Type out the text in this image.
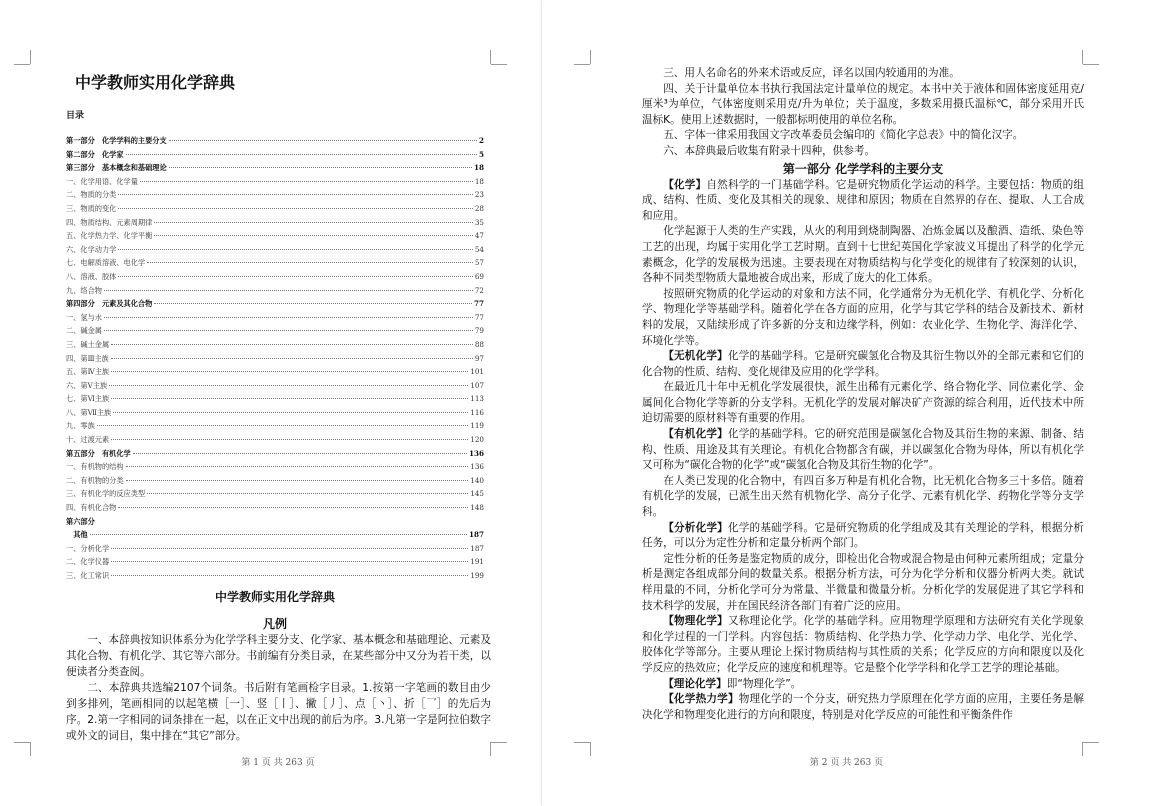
中学教师实用化学辞典
目录
第一部分　化学学科的主要分支	2
第二部分　化学家	5
第三部分　基本概念和基础理论	18
一、化学用语、化学量	18
二、物质的分类	23
三、物质的变化	28
四、物质结构、元素周期律	35
五、化学热力学、化学平衡	47
六、化学动力学	54
七、电解质溶液、电化学	57
八、溶液、胶体	69
九、络合物	72
第四部分　元素及其化合物	77
一、氢与水	77
二、碱金属	79
三、碱土金属	88
四、第Ⅲ主族	97
五、第Ⅳ主族	101
六、第Ⅴ主族	107
七、第Ⅵ主族	113
八、第Ⅶ主族	116
九、零族	119
十、过渡元素	120
第五部分　有机化学	136
一、有机物的结构	136
二、有机物的分类	140
三、有机化学的反应类型	145
四、有机化合物	148
第六部分
　其他	187
一、分析化学	187
二、化学仪器	191
三、化工常识	199
中学教师实用化学辞典
凡例

一、本辞典按知识体系分为化学学科主要分支、化学家、基本概念和基础理论、元素及其化合物、有机化学、其它等六部分。书前编有分类目录，在某些部分中又分为若干类，以便读者分类查阅。

二、本辞典共选编2107个词条。书后附有笔画检字目录。1.按第一字笔画的数目由少到多排列，笔画相同的以起笔横［一］、竖［丨］、撇［丿］、点［丶］、折［乛］的先后为序。2.第一字相同的词条排在一起，以在正文中出现的前后为序。3.凡第一字是阿拉伯数字或外文的词目，集中排在“其它”部分。

第 1 页 共 263 页

三、用人名命名的外来术语或反应，译名以国内较通用的为准。

四、关于计量单位本书执行我国法定计量单位的规定。本书中关于液体和固体密度延用克/厘米³为单位，气体密度则采用克/升为单位；关于温度，多数采用摄氏温标℃，部分采用开氏温标K。使用上述数据时，一般都标明使用的单位名称。

五、字体一律采用我国文字改革委员会编印的《简化字总表》中的简化汉字。

六、本辞典最后收集有附录十四种，供参考。

第一部分 化学学科的主要分支

【化学】自然科学的一门基础学科。它是研究物质化学运动的科学。主要包括：物质的组成、结构、性质、变化及其相关的现象、规律和原因；物质在自然界的存在、提取、人工合成和应用。

化学起源于人类的生产实践，从火的利用到烧制陶器、冶炼金属以及酿酒、造纸、染色等工艺的出现，均属于实用化学工艺时期。直到十七世纪英国化学家波义耳提出了科学的化学元素概念，化学的发展极为迅速。主要表现在对物质结构与化学变化的规律有了较深刻的认识，各种不同类型物质大量地被合成出来，形成了庞大的化工体系。

按照研究物质的化学运动的对象和方法不同，化学通常分为无机化学、有机化学、分析化学、物理化学等基础学科。随着化学在各方面的应用，化学与其它学科的结合及新技术、新材料的发展，又陆续形成了许多新的分支和边缘学科，例如：农业化学、生物化学、海洋化学、环境化学等。

【无机化学】化学的基础学科。它是研究碳氢化合物及其衍生物以外的全部元素和它们的化合物的性质、结构、变化规律及应用的化学学科。

在最近几十年中无机化学发展很快，派生出稀有元素化学、络合物化学、同位素化学、金属间化合物化学等新的分支学科。无机化学的发展对解决矿产资源的综合利用，近代技术中所迫切需要的原材料等有重要的作用。

【有机化学】化学的基础学科。它的研究范围是碳氢化合物及其衍生物的来源、制备、结构、性质、用途及其有关理论。有机化合物都含有碳，并以碳氢化合物为母体，所以有机化学又可称为“碳化合物的化学”或“碳氢化合物及其衍生物的化学”。

在人类已发现的化合物中，有四百多万种是有机化合物，比无机化合物多三十多倍。随着有机化学的发展，已派生出天然有机物化学、高分子化学、元素有机化学、药物化学等分支学科。

【分析化学】化学的基础学科。它是研究物质的化学组成及其有关理论的学科，根据分析任务，可以分为定性分析和定量分析两个部门。

定性分析的任务是鉴定物质的成分，即检出化合物或混合物是由何种元素所组成；定量分析是测定各组成部分间的数量关系。根据分析方法，可分为化学分析和仪器分析两大类。就试样用量的不同，分析化学可分为常量、半微量和微量分析。分析化学的发展促进了其它学科和技术科学的发展，并在国民经济各部门有着广泛的应用。

【物理化学】又称理论化学。化学的基础学科。应用物理学原理和方法研究有关化学现象和化学过程的一门学科。内容包括：物质结构、化学热力学、化学动力学、电化学、光化学、胶体化学等部分。主要从理论上探讨物质结构与其性质的关系；化学反应的方向和限度以及化学反应的热效应；化学反应的速度和机理等。它是整个化学学科和化学工艺学的理论基础。

【理论化学】即“物理化学”。

【化学热力学】物理化学的一个分支，研究热力学原理在化学方面的应用，主要任务是解决化学和物理变化进行的方向和限度，特别是对化学反应的可能性和平衡条件作

第 2 页 共 263 页
